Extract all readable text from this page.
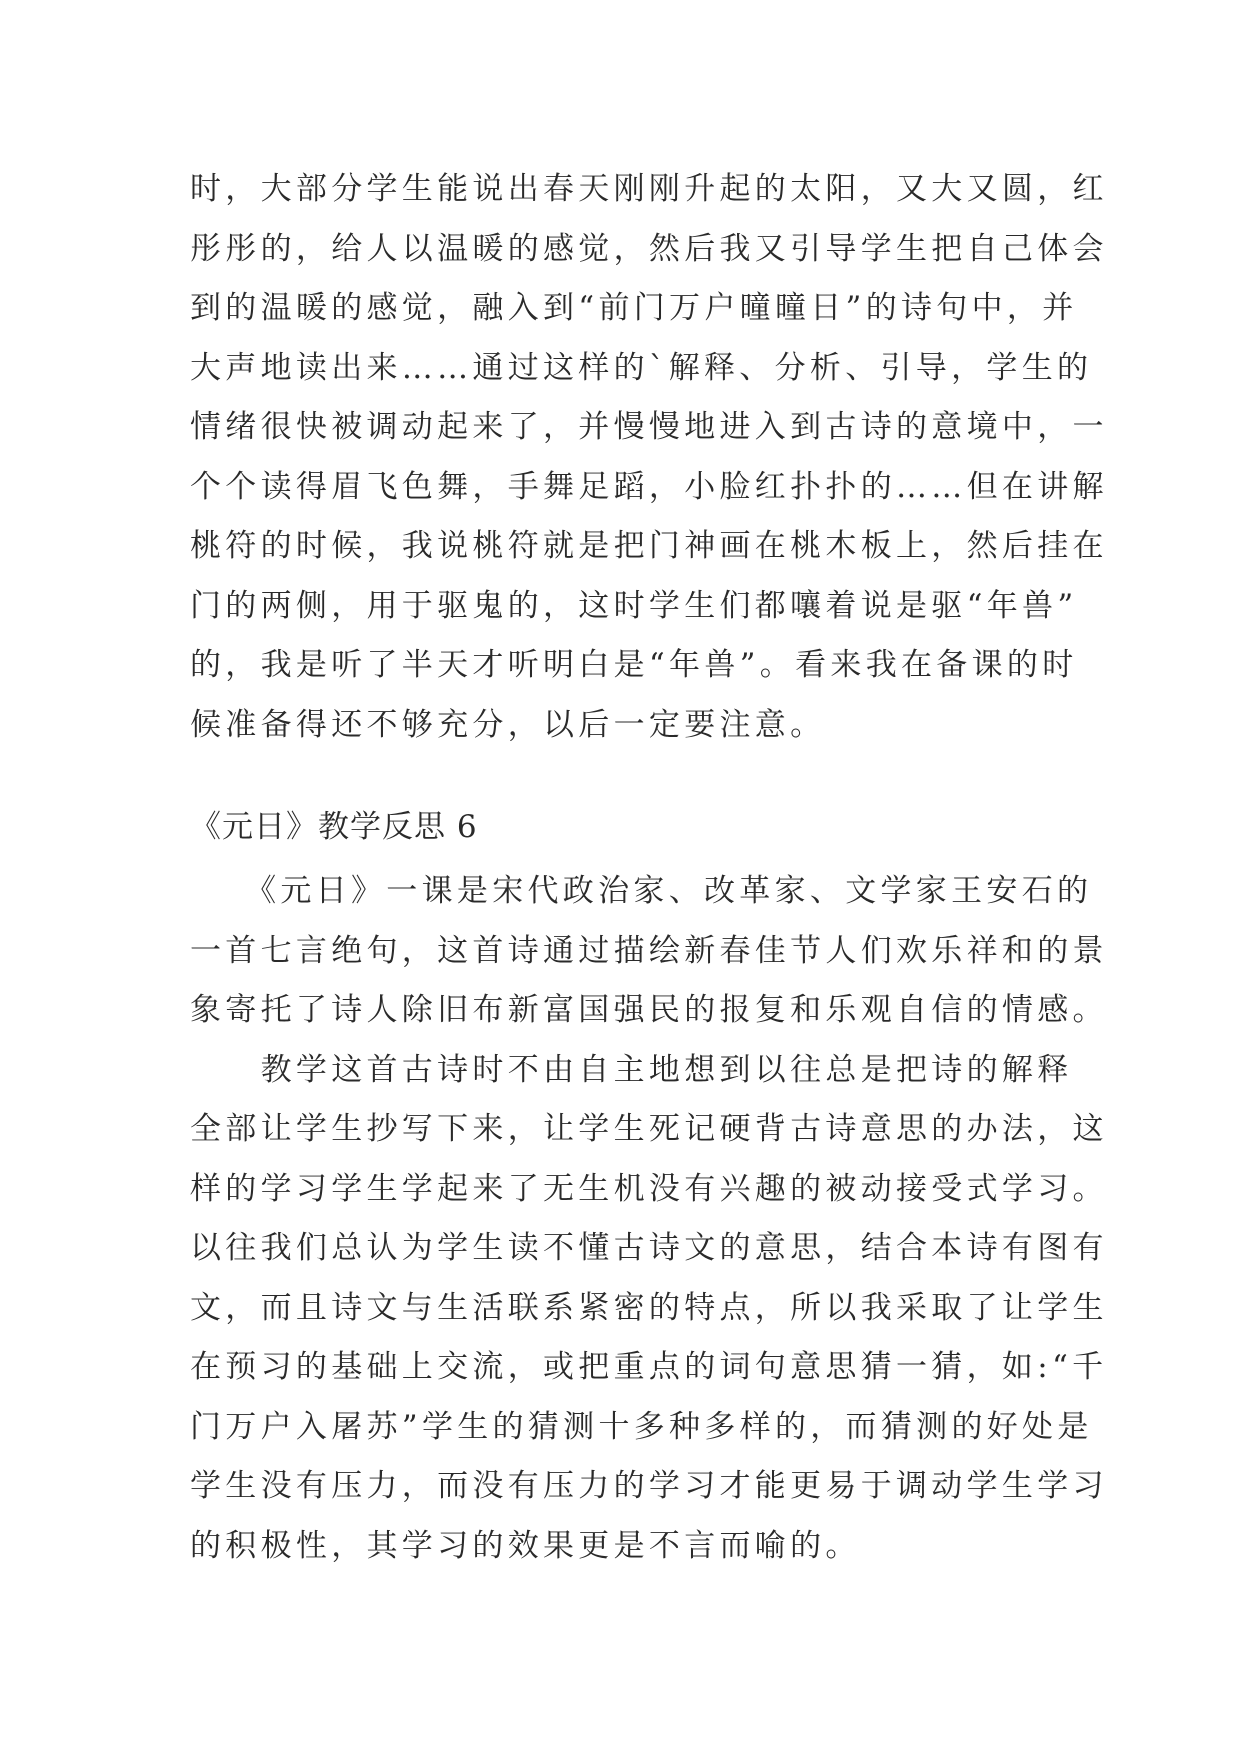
时，大部分学生能说出春天刚刚升起的太阳，又大又圆，红
彤彤的，给人以温暖的感觉，然后我又引导学生把自己体会
到的温暖的感觉，融入到“前门万户曈曈日”的诗句中，并
大声地读出来……通过这样的`解释、分析、引导，学生的
情绪很快被调动起来了，并慢慢地进入到古诗的意境中，一
个个读得眉飞色舞，手舞足蹈，小脸红扑扑的……但在讲解
桃符的时候，我说桃符就是把门神画在桃木板上，然后挂在
门的两侧，用于驱鬼的，这时学生们都嚷着说是驱“年兽”
的，我是听了半天才听明白是“年兽”。看来我在备课的时
候准备得还不够充分，以后一定要注意。
《元日》教学反思 6
　　《元日》一课是宋代政治家、改革家、文学家王安石的
一首七言绝句，这首诗通过描绘新春佳节人们欢乐祥和的景
象寄托了诗人除旧布新富国强民的报复和乐观自信的情感。
　　教学这首古诗时不由自主地想到以往总是把诗的解释
全部让学生抄写下来，让学生死记硬背古诗意思的办法，这
样的学习学生学起来了无生机没有兴趣的被动接受式学习。
以往我们总认为学生读不懂古诗文的意思，结合本诗有图有
文，而且诗文与生活联系紧密的特点，所以我采取了让学生
在预习的基础上交流，或把重点的词句意思猜一猜，如:“千
门万户入屠苏”学生的猜测十多种多样的，而猜测的好处是
学生没有压力，而没有压力的学习才能更易于调动学生学习
的积极性，其学习的效果更是不言而喻的。
